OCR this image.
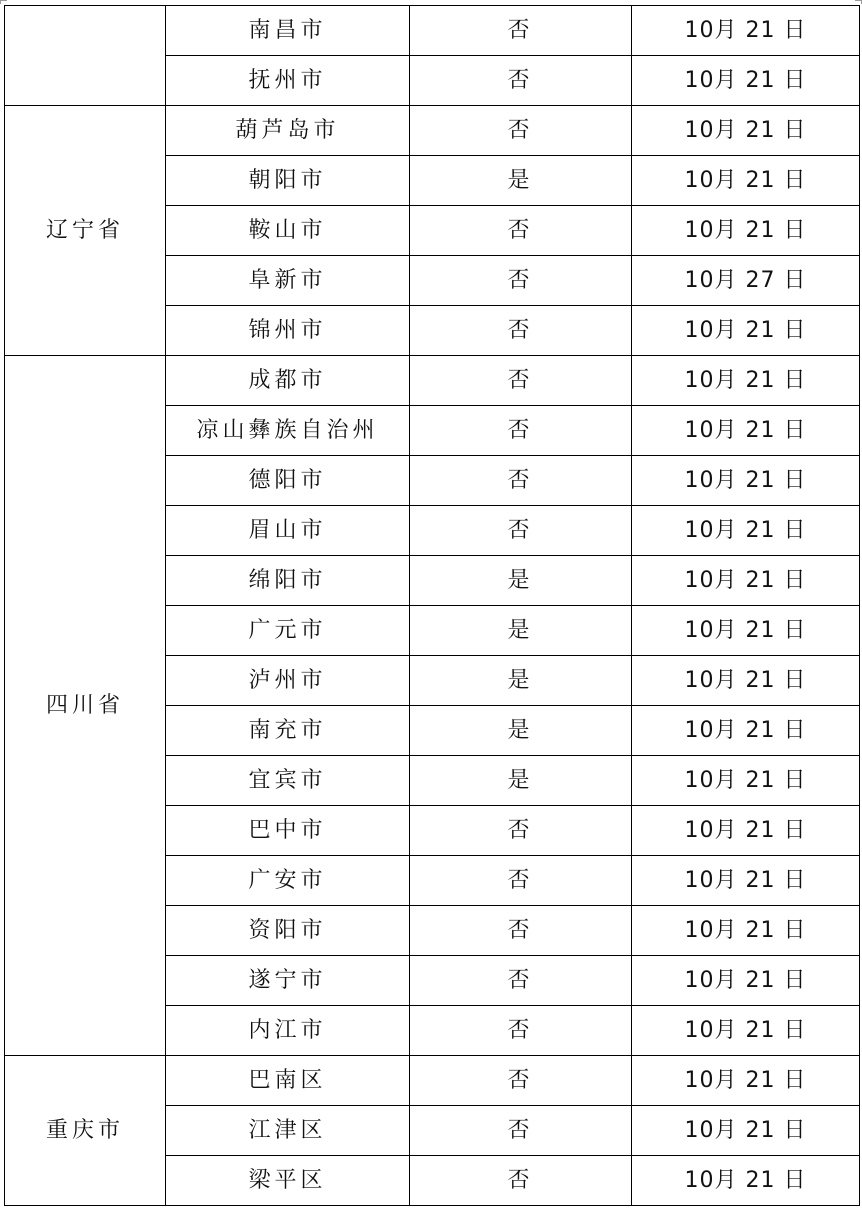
	南昌市	否	10月 21 日
	抚州市	否	10月 21 日
辽宁省	葫芦岛市	否	10月 21 日
	朝阳市	是	10月 21 日
	鞍山市	否	10月 21 日
	阜新市	否	10月 27 日
	锦州市	否	10月 21 日
四川省	成都市	否	10月 21 日
	凉山彝族自治州	否	10月 21 日
	德阳市	否	10月 21 日
	眉山市	否	10月 21 日
	绵阳市	是	10月 21 日
	广元市	是	10月 21 日
	泸州市	是	10月 21 日
	南充市	是	10月 21 日
	宜宾市	是	10月 21 日
	巴中市	否	10月 21 日
	广安市	否	10月 21 日
	资阳市	否	10月 21 日
	遂宁市	否	10月 21 日
	内江市	否	10月 21 日
重庆市	巴南区	否	10月 21 日
	江津区	否	10月 21 日
	梁平区	否	10月 21 日
